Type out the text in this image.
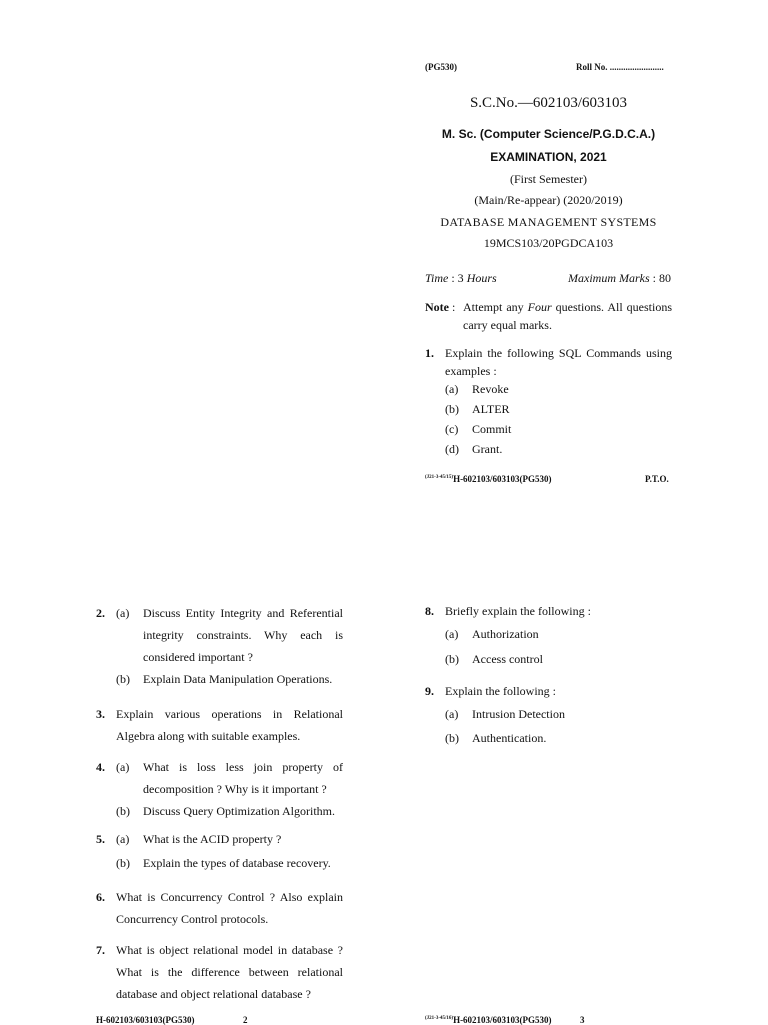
(PG530)	Roll No. ........................
S.C.No.—602103/603103
M. Sc. (Computer Science/P.G.D.C.A.)
EXAMINATION, 2021
(First Semester)
(Main/Re-appear) (2020/2019)
DATABASE MANAGEMENT SYSTEMS
19MCS103/20PGDCA103
Time : 3 Hours	Maximum Marks : 80
Note : Attempt any Four questions. All questions carry equal marks.
1. Explain the following SQL Commands using examples :
(a)	Revoke
(b)	ALTER
(c)	Commit
(d)	Grant.
$^{(J21-3-45/15)}$H-602103/603103(PG530)	P.T.O.
2. (a)	Discuss Entity Integrity and Referential integrity constraints. Why each is considered important ?
(b)	Explain Data Manipulation Operations.
3. Explain various operations in Relational Algebra along with suitable examples.
4. (a)	What is loss less join property of decomposition ? Why is it important ?
(b)	Discuss Query Optimization Algorithm.
5. (a)	What is the ACID property ?
(b)	Explain the types of database recovery.
6. What is Concurrency Control ? Also explain Concurrency Control protocols.
7. What is object relational model in database ? What is the difference between relational database and object relational database ?
H-602103/603103(PG530)	2
8. Briefly explain the following :
(a)	Authorization
(b)	Access control
9. Explain the following :
(a)	Intrusion Detection
(b)	Authentication.
$^{(J21-3-45/16)}$H-602103/603103(PG530)	3
